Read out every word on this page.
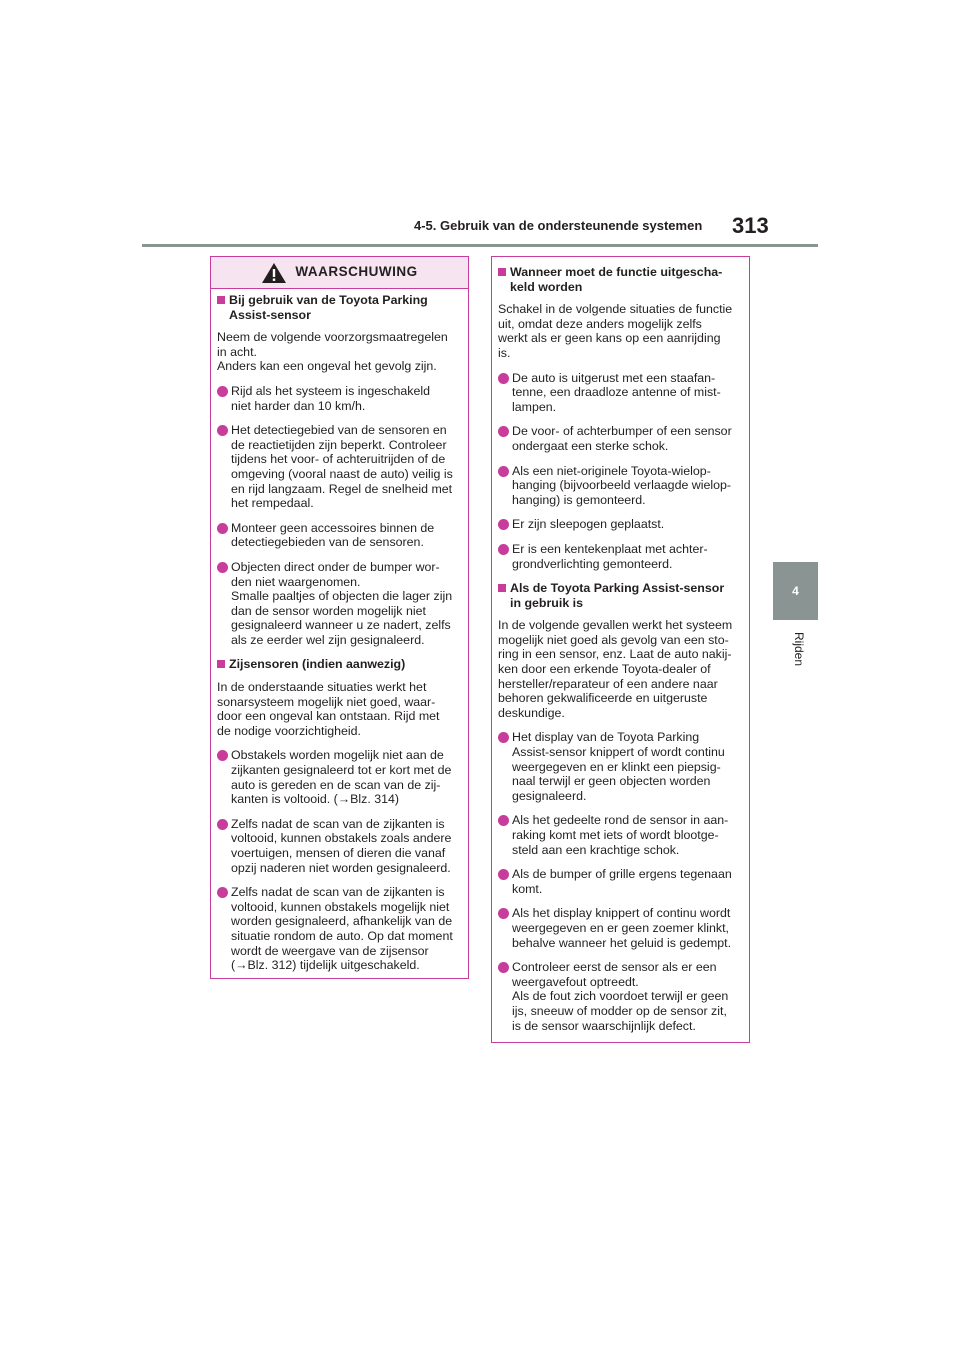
4-5. Gebruik van de ondersteunende systemen 313
4
Rijden
WAARSCHUWING
Bij gebruik van de Toyota Parking
Assist-sensor
Neem de volgende voorzorgsmaatregelen
in acht.
Anders kan een ongeval het gevolg zijn.
Rijd als het systeem is ingeschakeld
niet harder dan 10 km/h.
Het detectiegebied van de sensoren en
de reactietijden zijn beperkt. Controleer
tijdens het voor- of achteruitrijden of de
omgeving (vooral naast de auto) veilig is
en rijd langzaam. Regel de snelheid met
het rempedaal.
Monteer geen accessoires binnen de
detectiegebieden van de sensoren.
Objecten direct onder de bumper wor-
den niet waargenomen.
Smalle paaltjes of objecten die lager zijn
dan de sensor worden mogelijk niet
gesignaleerd wanneer u ze nadert, zelfs
als ze eerder wel zijn gesignaleerd.
Zijsensoren (indien aanwezig)
In de onderstaande situaties werkt het
sonarsysteem mogelijk niet goed, waar-
door een ongeval kan ontstaan. Rijd met
de nodige voorzichtigheid.
Obstakels worden mogelijk niet aan de
zijkanten gesignaleerd tot er kort met de
auto is gereden en de scan van de zij-
kanten is voltooid. (→Blz. 314)
Zelfs nadat de scan van de zijkanten is
voltooid, kunnen obstakels zoals andere
voertuigen, mensen of dieren die vanaf
opzij naderen niet worden gesignaleerd.
Zelfs nadat de scan van de zijkanten is
voltooid, kunnen obstakels mogelijk niet
worden gesignaleerd, afhankelijk van de
situatie rondom de auto. Op dat moment
wordt de weergave van de zijsensor
(→Blz. 312) tijdelijk uitgeschakeld.
Wanneer moet de functie uitgescha-
keld worden
Schakel in de volgende situaties de functie
uit, omdat deze anders mogelijk zelfs
werkt als er geen kans op een aanrijding
is.
De auto is uitgerust met een staafan-
tenne, een draadloze antenne of mist-
lampen.
De voor- of achterbumper of een sensor
ondergaat een sterke schok.
Als een niet-originele Toyota-wielop-
hanging (bijvoorbeeld verlaagde wielop-
hanging) is gemonteerd.
Er zijn sleepogen geplaatst.
Er is een kentekenplaat met achter-
grondverlichting gemonteerd.
Als de Toyota Parking Assist-sensor
in gebruik is
In de volgende gevallen werkt het systeem
mogelijk niet goed als gevolg van een sto-
ring in een sensor, enz. Laat de auto nakij-
ken door een erkende Toyota-dealer of
hersteller/reparateur of een andere naar
behoren gekwalificeerde en uitgeruste
deskundige.
Het display van de Toyota Parking
Assist-sensor knippert of wordt continu
weergegeven en er klinkt een piepsig-
naal terwijl er geen objecten worden
gesignaleerd.
Als het gedeelte rond de sensor in aan-
raking komt met iets of wordt blootge-
steld aan een krachtige schok.
Als de bumper of grille ergens tegenaan
komt.
Als het display knippert of continu wordt
weergegeven en er geen zoemer klinkt,
behalve wanneer het geluid is gedempt.
Controleer eerst de sensor als er een
weergavefout optreedt.
Als de fout zich voordoet terwijl er geen
ijs, sneeuw of modder op de sensor zit,
is de sensor waarschijnlijk defect.
